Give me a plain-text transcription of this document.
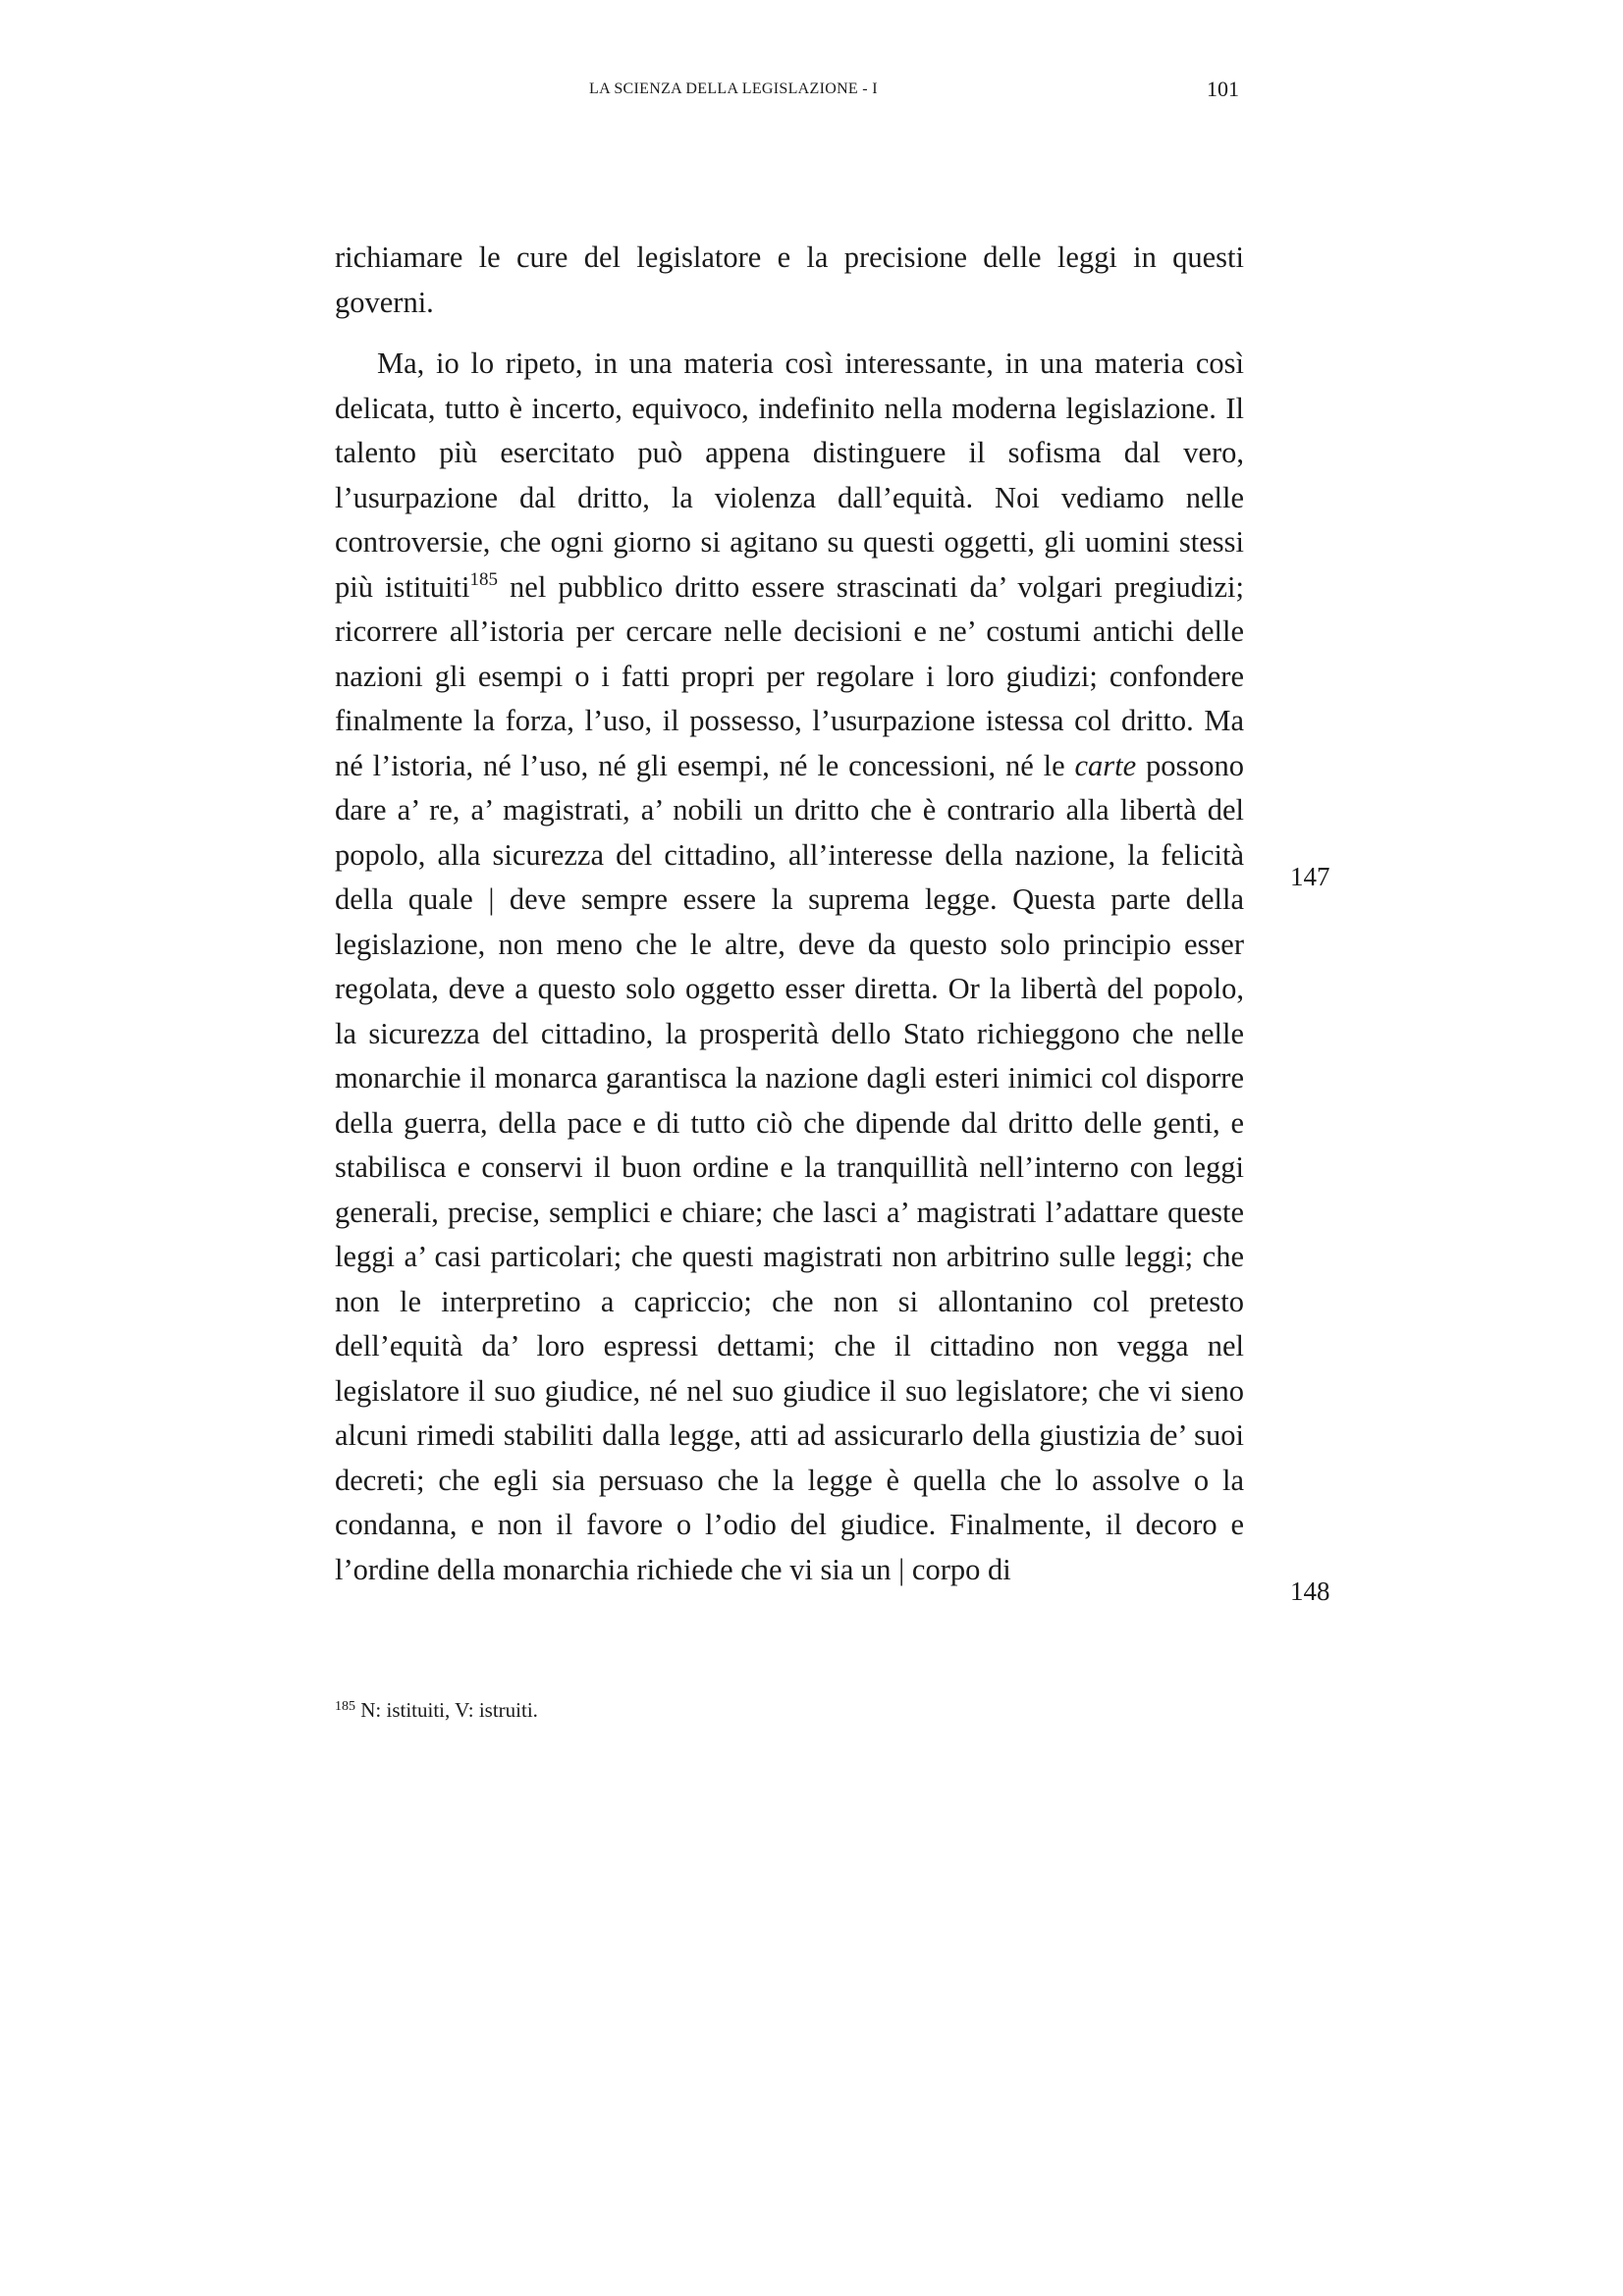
LA SCIENZA DELLA LEGISLAZIONE - I	101

richiamare le cure del legislatore e la precisione delle leggi in questi governi.

Ma, io lo ripeto, in una materia così interessante, in una materia così delicata, tutto è incerto, equivoco, indefinito nella moderna legislazione. Il talento più esercitato può appena distinguere il sofisma dal vero, l’usurpazione dal dritto, la violenza dall’equità. Noi vediamo nelle controversie, che ogni giorno si agitano su questi oggetti, gli uomini stessi più istituiti$^{185}$ nel pubblico dritto essere strascinati da’ volgari pregiudizi; ricorrere all’istoria per cercare nelle decisioni e ne’ costumi antichi delle nazioni gli esempi o i fatti propri per regolare i loro giudizi; confondere finalmente la forza, l’uso, il possesso, l’usurpazione istessa col dritto. Ma né l’istoria, né l’uso, né gli esempi, né le concessioni, né le carte possono dare a’ re, a’ magistrati, a’ nobili un dritto che è contrario alla libertà del popolo, alla sicurezza del cittadino, all’interesse della nazione, la felicità della quale | deve sempre essere la suprema legge. Questa parte della legislazione, non meno che le altre, deve da questo solo principio esser regolata, deve a questo solo oggetto esser diretta. Or la libertà del popolo, la sicurezza del cittadino, la prosperità dello Stato richieggono che nelle monarchie il monarca garantisca la nazione dagli esteri inimici col disporre della guerra, della pace e di tutto ciò che dipende dal dritto delle genti, e stabilisca e conservi il buon ordine e la tranquillità nell’interno con leggi generali, precise, semplici e chiare; che lasci a’ magistrati l’adattare queste leggi a’ casi particolari; che questi magistrati non arbitrino sulle leggi; che non le interpretino a capriccio; che non si allontanino col pretesto dell’equità da’ loro espressi dettami; che il cittadino non vegga nel legislatore il suo giudice, né nel suo giudice il suo legislatore; che vi sieno alcuni rimedi stabiliti dalla legge, atti ad assicurarlo della giustizia de’ suoi decreti; che egli sia persuaso che la legge è quella che lo assolve o la condanna, e non il favore o l’odio del giudice. Finalmente, il decoro e l’ordine della monarchia richiede che vi sia un | corpo di

147
148
$^{185}$ N: istituiti, V: istruiti.
